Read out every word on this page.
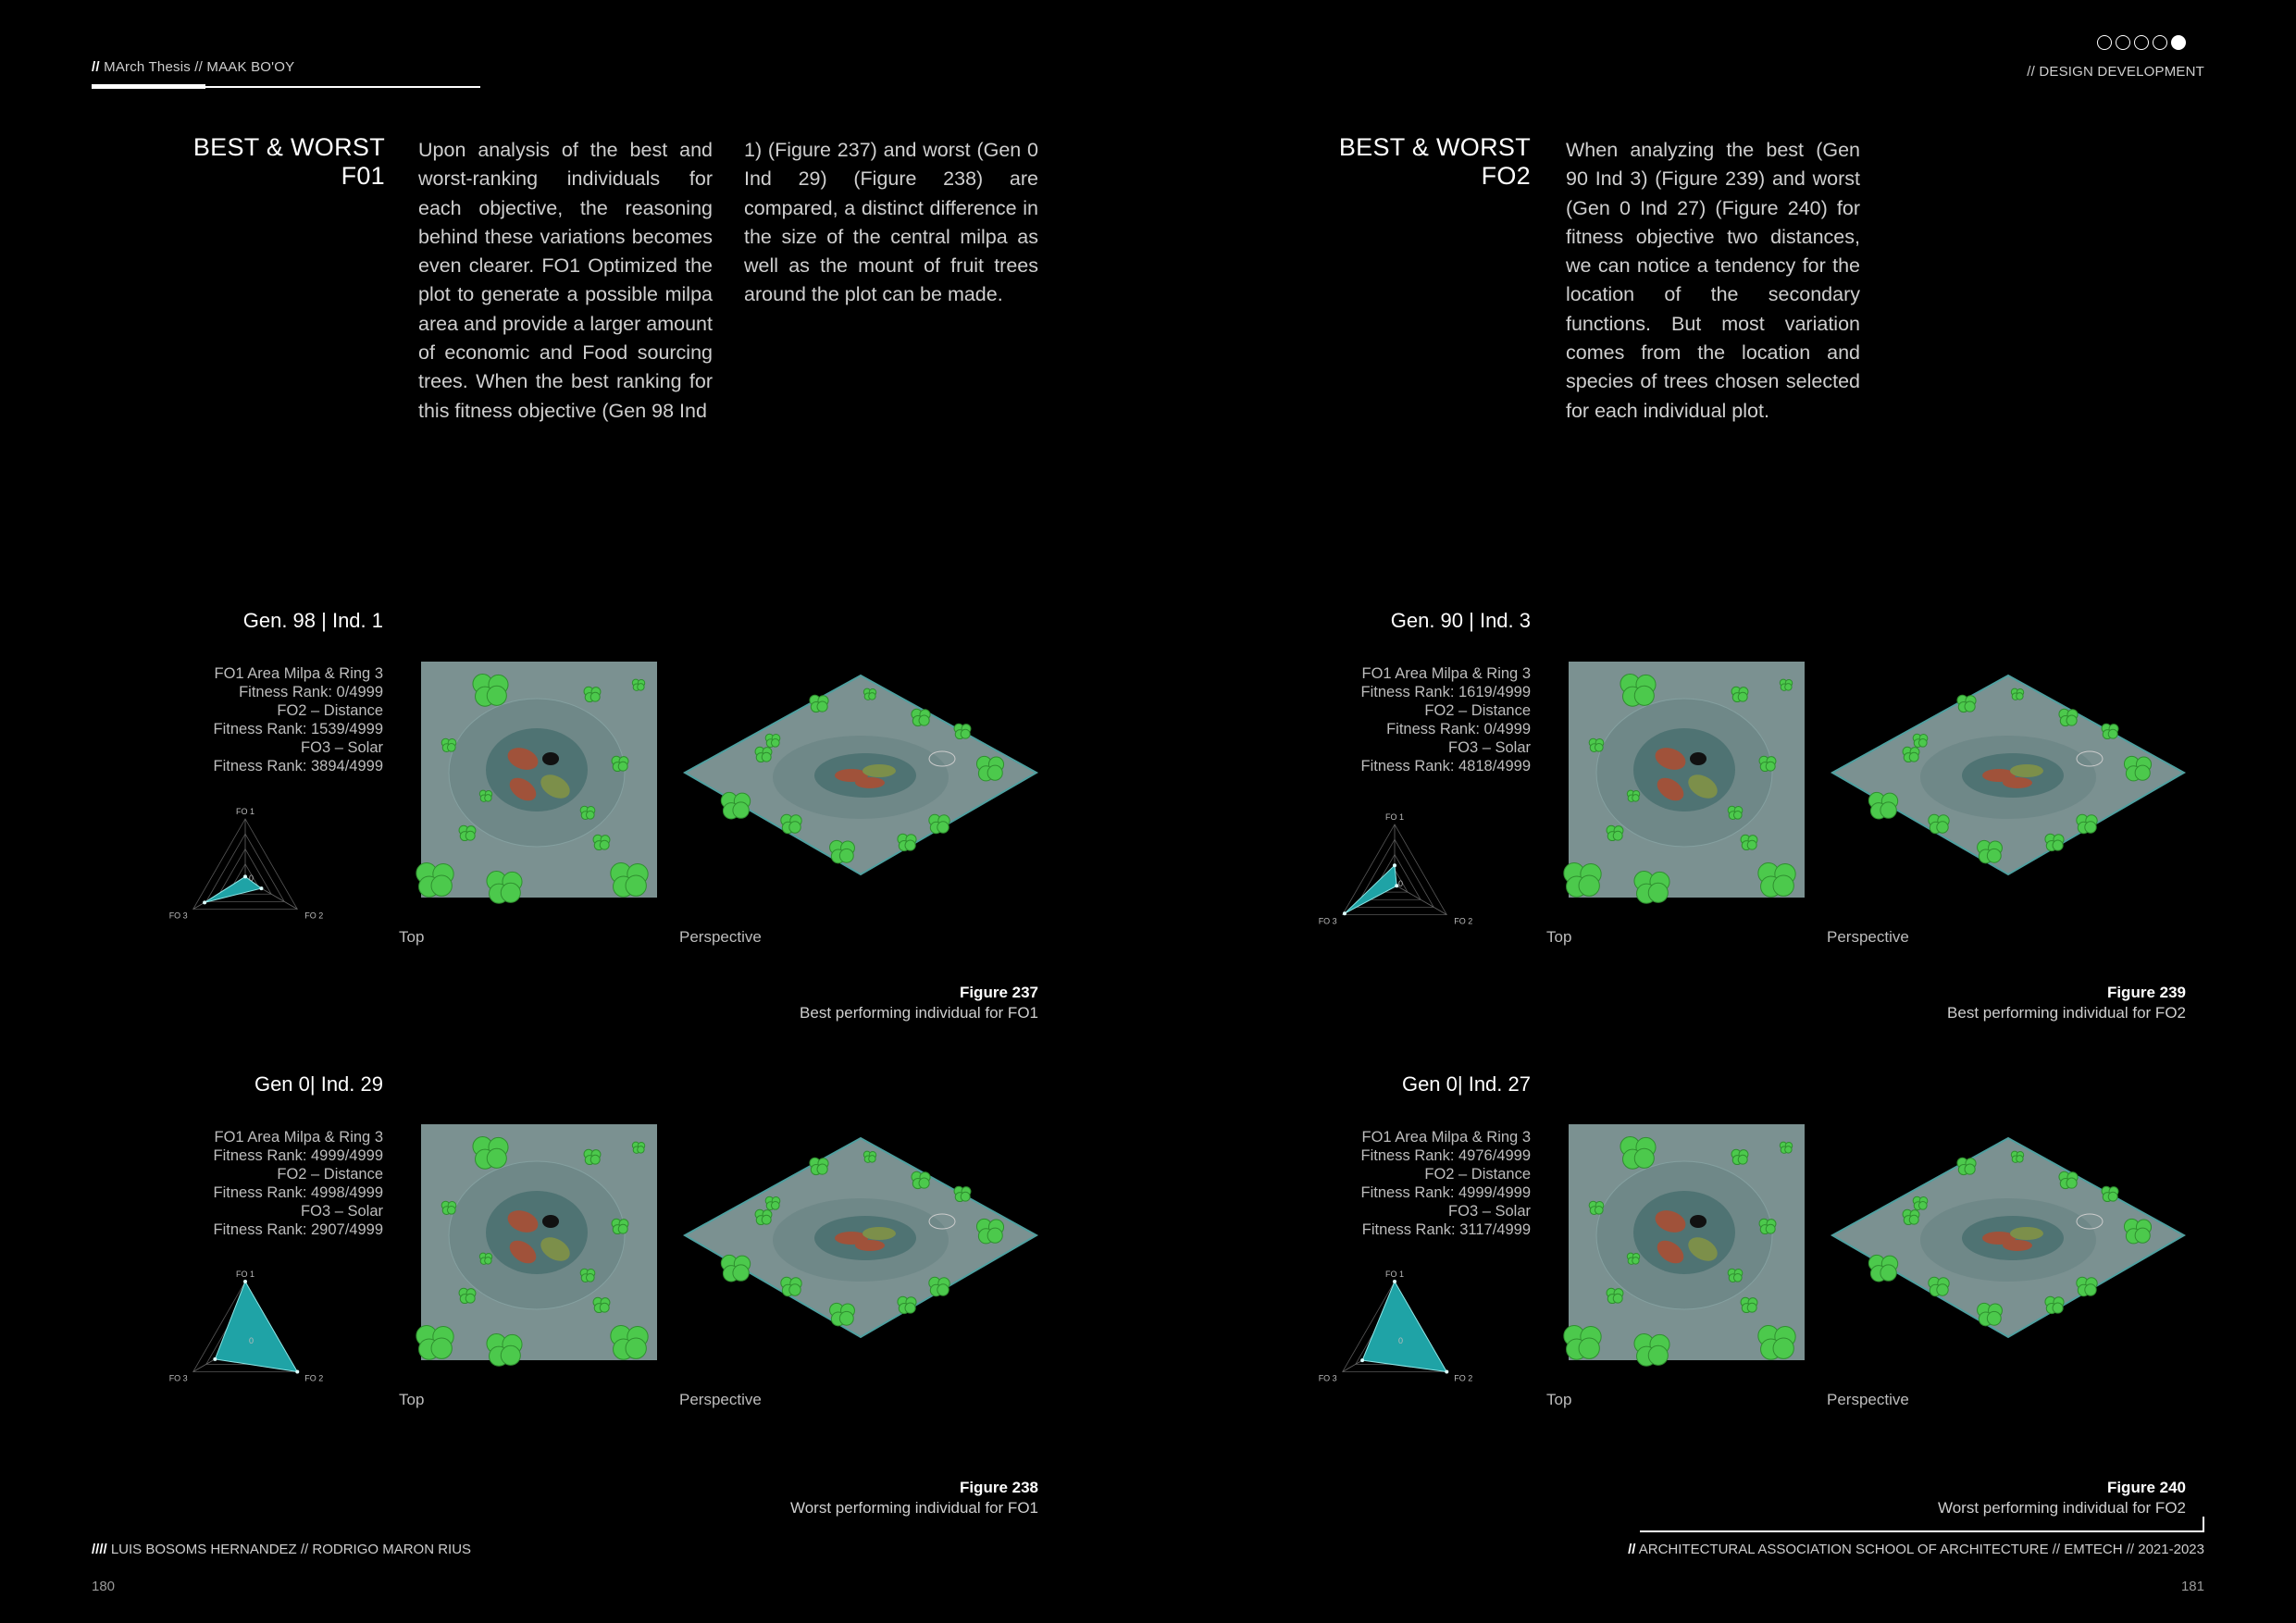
// MArch Thesis // MAAK BO'OY	// DESIGN DEVELOPMENT
BEST & WORST F01
Upon analysis of the best and worst-ranking individuals for each objective, the reasoning behind these variations becomes even clearer. FO1 Optimized the plot to generate a possible milpa area and provide a larger amount of economic and Food sourcing trees. When the best ranking for this fitness objective (Gen 98 Ind
1) (Figure 237) and worst (Gen 0 Ind 29) (Figure 238) are compared, a distinct difference in the size of the central milpa as well as the mount of fruit trees around the plot can be made.
BEST & WORST FO2
When analyzing the best (Gen 90 Ind 3) (Figure 239) and worst (Gen 0 Ind 27) (Figure 240) for fitness objective two distances, we can notice a tendency for the location of the secondary functions. But most variation comes from the location and species of trees chosen selected for each individual plot.
Gen. 98 | Ind. 1
FO1 Area Milpa & Ring 3
Fitness Rank: 0/4999
FO2 – Distance
Fitness Rank: 1539/4999
FO3 – Solar
Fitness Rank: 3894/4999
FO 1
FO 2
FO 3
0
Top	Perspective
Figure 237
Best performing individual for FO1
Gen 0| Ind. 29
FO1 Area Milpa & Ring 3
Fitness Rank: 4999/4999
FO2 – Distance
Fitness Rank: 4998/4999
FO3 – Solar
Fitness Rank: 2907/4999
FO 1
FO 2
FO 3
0
Top	Perspective
Figure 238
Worst performing individual for FO1
Gen. 90 | Ind. 3
FO1 Area Milpa & Ring 3
Fitness Rank: 1619/4999
FO2 – Distance
Fitness Rank: 0/4999
FO3 – Solar
Fitness Rank: 4818/4999
FO 1
FO 2
FO 3
0
Top	Perspective
Figure 239
Best performing individual for FO2
Gen 0| Ind. 27
FO1 Area Milpa & Ring 3
Fitness Rank: 4976/4999
FO2 – Distance
Fitness Rank: 4999/4999
FO3 – Solar
Fitness Rank: 3117/4999
FO 1
FO 2
FO 3
0
Top	Perspective
Figure 240
Worst performing individual for FO2
//// LUIS BOSOMS HERNANDEZ // RODRIGO MARON RIUS
180
// ARCHITECTURAL ASSOCIATION SCHOOL OF ARCHITECTURE // EMTECH // 2021-2023
181
